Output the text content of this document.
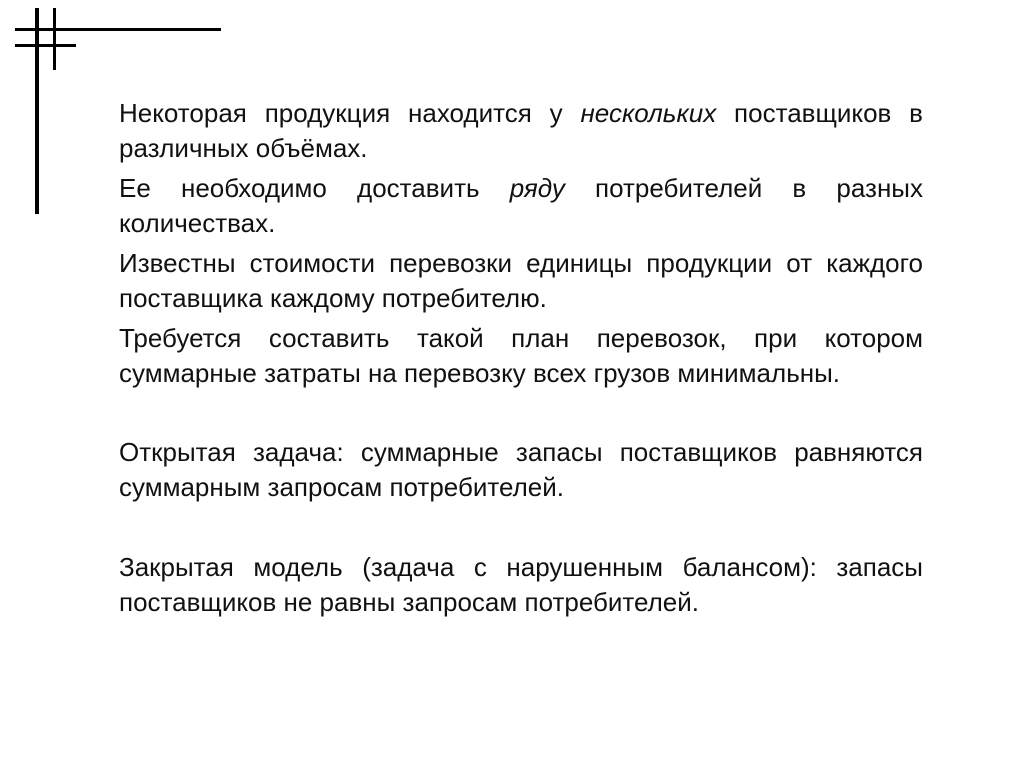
Некоторая продукция находится у нескольких поставщиков в различных объёмах.

Ее необходимо доставить ряду потребителей в разных количествах.

Известны стоимости перевозки единицы продукции от каждого поставщика каждому потребителю.

Требуется составить такой план перевозок, при котором суммарные затраты на перевозку всех грузов минимальны.

Открытая задача: суммарные запасы поставщиков равняются суммарным запросам потребителей.

Закрытая модель (задача с нарушенным балансом): запасы поставщиков не равны запросам потребителей.
